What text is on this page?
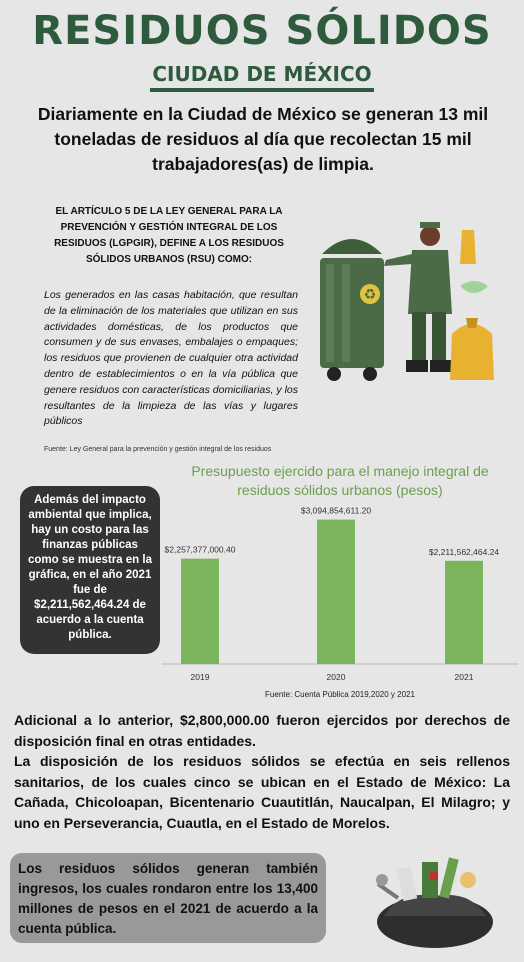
RESIDUOS SÓLIDOS
CIUDAD DE MÉXICO
Diariamente en la Ciudad de México se generan 13 mil toneladas de residuos al día que recolectan 15 mil trabajadores(as) de limpia.
EL ARTÍCULO 5 DE LA LEY GENERAL PARA LA PREVENCIÓN Y GESTIÓN INTEGRAL DE LOS RESIDUOS (LGPGIR), DEFINE A LOS RESIDUOS SÓLIDOS URBANOS (RSU) COMO:
Los generados en las casas habitación, que resultan de la eliminación de los materiales que utilizan en sus actividades domésticas, de los productos que consumen y de sus envases, embalajes o empaques; los residuos que provienen de cualquier otra actividad dentro de establecimientos o en la vía pública que genere residuos con características domiciliarias, y los resultantes de la limpieza de las vías y lugares públicos
Fuente: Ley General para la prevención y gestión integral de los residuos
♻
Presupuesto ejercido para el manejo integral de residuos sólidos urbanos (pesos)
$2,257,377,000.40
2019
$3,094,854,611.20
2020
$2,211,562,464.24
2021
Fuente: Cuenta Pública 2019,2020 y 2021
Además del impacto ambiental que implica, hay un costo para las finanzas públicas como se muestra en la gráfica, en el año 2021 fue de $2,211,562,464.24 de acuerdo a la cuenta pública.
Adicional a lo anterior, $2,800,000.00 fueron ejercidos por derechos de disposición final en otras entidades.
La disposición de los residuos sólidos se efectúa en seis rellenos sanitarios, de los cuales cinco se ubican en el Estado de México: La Cañada, Chicoloapan, Bicentenario Cuautitlán, Naucalpan, El Milagro; y uno en Perseverancia, Cuautla, en el Estado de Morelos.
Los residuos sólidos generan también ingresos, los cuales rondaron entre los 13,400 millones de pesos en el 2021 de acuerdo a la cuenta pública.
